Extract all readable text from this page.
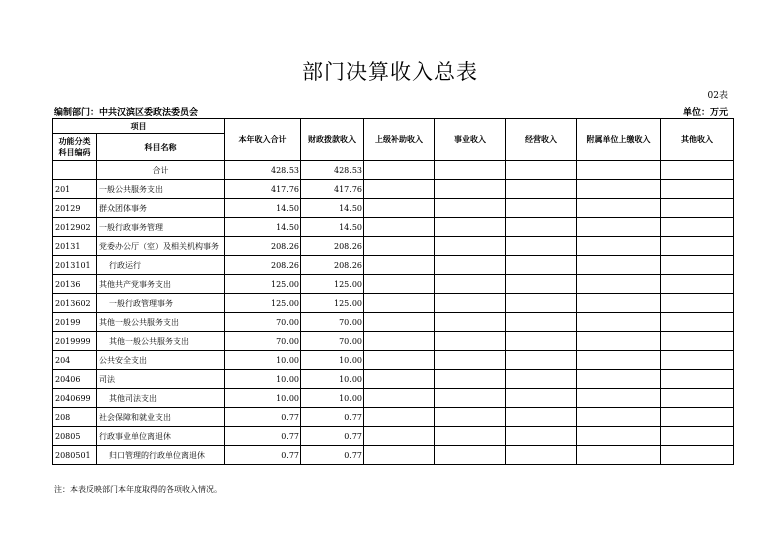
部门决算收入总表
02表
编制部门：中共汉滨区委政法委员会	单位：万元
项目		本年收入合计	财政拨款收入	上级补助收入	事业收入	经营收入	附属单位上缴收入	其他收入
功能分类
科目编码	科目名称							
	合计	428.53	428.53					
201	一般公共服务支出	417.76	417.76					
20129	群众团体事务	14.50	14.50					
2012902	一般行政事务管理	14.50	14.50					
20131	党委办公厅（室）及相关机构事务	208.26	208.26					
2013101	行政运行	208.26	208.26					
20136	其他共产党事务支出	125.00	125.00					
2013602	一般行政管理事务	125.00	125.00					
20199	其他一般公共服务支出	70.00	70.00					
2019999	其他一般公共服务支出	70.00	70.00					
204	公共安全支出	10.00	10.00					
20406	司法	10.00	10.00					
2040699	其他司法支出	10.00	10.00					
208	社会保障和就业支出	0.77	0.77					
20805	行政事业单位离退休	0.77	0.77					
2080501	归口管理的行政单位离退休	0.77	0.77					
注：本表反映部门本年度取得的各项收入情况。
